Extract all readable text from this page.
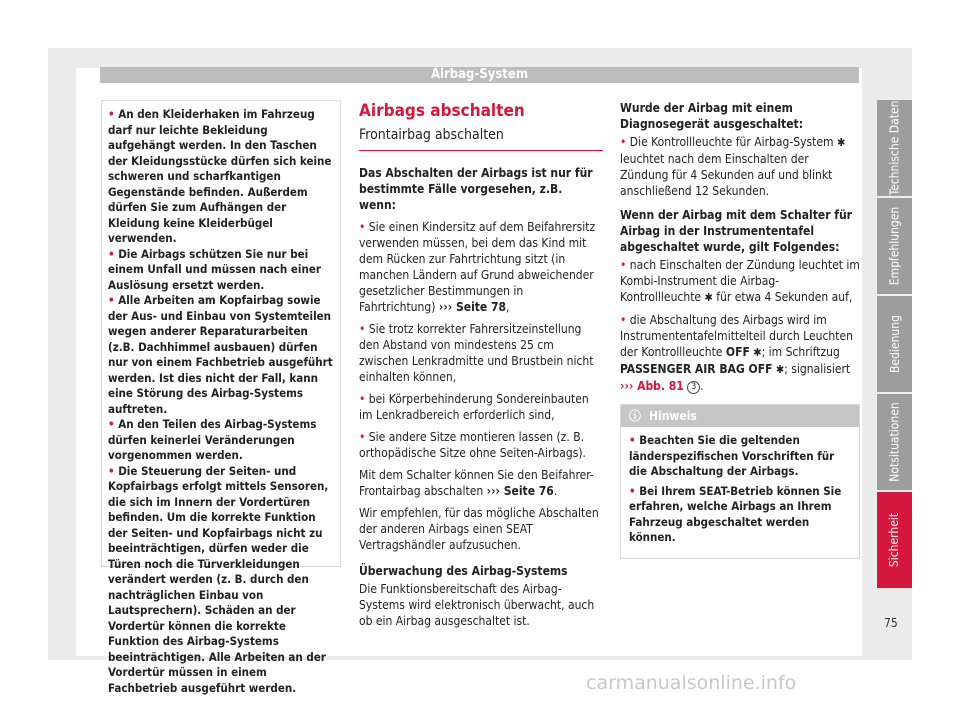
Airbag-System

• An den Kleiderhaken im Fahrzeug darf nur leichte Bekleidung aufgehängt werden. In den Taschen der Kleidungsstücke dürfen sich keine schweren und scharfkantigen Gegenstände befinden. Außerdem dürfen Sie zum Aufhängen der Kleidung keine Kleiderbügel verwenden.

• Die Airbags schützen Sie nur bei einem Unfall und müssen nach einer Auslösung ersetzt werden.

• Alle Arbeiten am Kopfairbag sowie der Aus- und Einbau von Systemteilen wegen anderer Reparaturarbeiten (z.B. Dachhimmel ausbauen) dürfen nur von einem Fachbetrieb ausgeführt werden. Ist dies nicht der Fall, kann eine Störung des Airbag-Systems auftreten.

• An den Teilen des Airbag-Systems dürfen keinerlei Veränderungen vorgenommen werden.

• Die Steuerung der Seiten- und Kopfairbags erfolgt mittels Sensoren, die sich im Innern der Vordertüren befinden. Um die korrekte Funktion der Seiten- und Kopfairbags nicht zu beeinträchtigen, dürfen weder die Türen noch die Türverkleidungen verändert werden (z. B. durch den nachträglichen Einbau von Lautsprechern). Schäden an der Vordertür können die korrekte Funktion des Airbag-Systems beeinträchtigen. Alle Arbeiten an der Vordertür müssen in einem Fachbetrieb ausgeführt werden.

Airbags abschalten
Frontairbag abschalten

Das Abschalten der Airbags ist nur für bestimmte Fälle vorgesehen, z.B. wenn:

• Sie einen Kindersitz auf dem Beifahrersitz verwenden müssen, bei dem das Kind mit dem Rücken zur Fahrtrichtung sitzt (in manchen Ländern auf Grund abweichender gesetzlicher Bestimmungen in Fahrtrichtung) ››› Seite 78,

• Sie trotz korrekter Fahrersitzeinstellung den Abstand von mindestens 25 cm zwischen Lenkradmitte und Brustbein nicht einhalten können,

• bei Körperbehinderung Sondereinbauten im Lenkradbereich erforderlich sind,

• Sie andere Sitze montieren lassen (z. B. orthopädische Sitze ohne Seiten-Airbags).

Mit dem Schalter können Sie den Beifahrer-Frontairbag abschalten ››› Seite 76.

Wir empfehlen, für das mögliche Abschalten der anderen Airbags einen SEAT Vertragshändler aufzusuchen.

Überwachung des Airbag-Systems

Die Funktionsbereitschaft des Airbag-Systems wird elektronisch überwacht, auch ob ein Airbag ausgeschaltet ist.

Wurde der Airbag mit einem Diagnosegerät ausgeschaltet:

• Die Kontrollleuchte für Airbag-System ✱ leuchtet nach dem Einschalten der Zündung für 4 Sekunden auf und blinkt anschließend 12 Sekunden.

Wenn der Airbag mit dem Schalter für Airbag in der Instrumententafel abgeschaltet wurde, gilt Folgendes:

• nach Einschalten der Zündung leuchtet im Kombi-Instrument die Airbag- Kontrollleuchte ✱ für etwa 4 Sekunden auf,

• die Abschaltung des Airbags wird im Instrumententafelmittelteil durch Leuchten der Kontrollleuchte OFF ✱; im Schriftzug PASSENGER AIR BAG OFF ✱; signalisiert ››› Abb. 81 3 .

ⓘ Hinweis

• Beachten Sie die geltenden länderspezifischen Vorschriften für die Abschaltung der Airbags.

• Bei Ihrem SEAT-Betrieb können Sie erfahren, welche Airbags an Ihrem Fahrzeug abgeschaltet werden können.

Technische Daten
Empfehlungen
Bedienung
Notsituationen
Sicherheit
75
carmanualsonline.info
